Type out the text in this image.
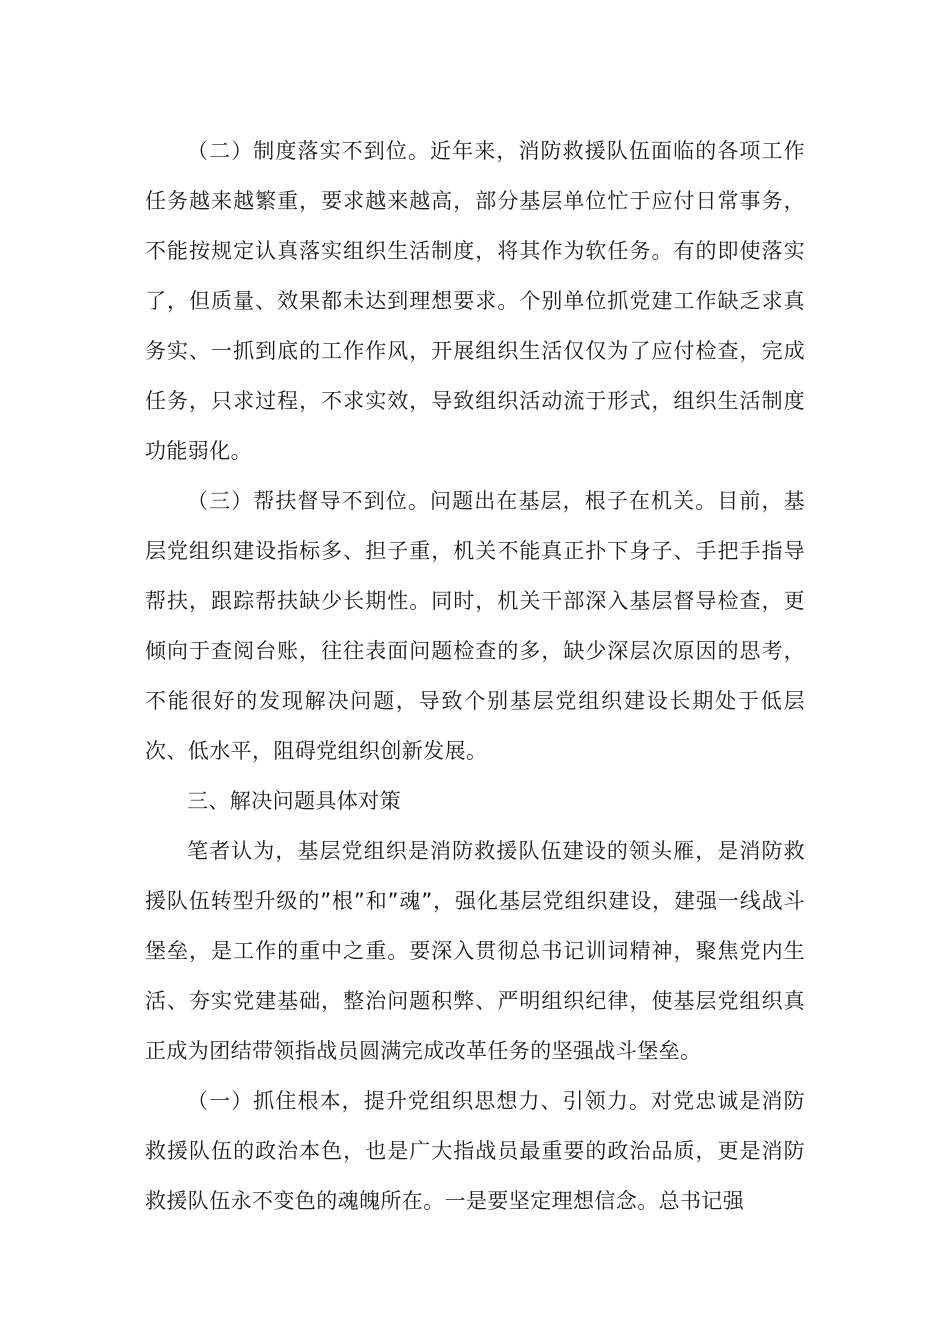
（二）制度落实不到位。近年来，消防救援队伍面临的各项工作任务越来越繁重，要求越来越高，部分基层单位忙于应付日常事务，不能按规定认真落实组织生活制度，将其作为软任务。有的即使落实了，但质量、效果都未达到理想要求。个别单位抓党建工作缺乏求真务实、一抓到底的工作作风，开展组织生活仅仅为了应付检查，完成任务，只求过程，不求实效，导致组织活动流于形式，组织生活制度功能弱化。

（三）帮扶督导不到位。问题出在基层，根子在机关。目前，基层党组织建设指标多、担子重，机关不能真正扑下身子、手把手指导帮扶，跟踪帮扶缺少长期性。同时，机关干部深入基层督导检查，更倾向于查阅台账，往往表面问题检查的多，缺少深层次原因的思考，不能很好的发现解决问题，导致个别基层党组织建设长期处于低层次、低水平，阻碍党组织创新发展。

三、解决问题具体对策

笔者认为，基层党组织是消防救援队伍建设的领头雁，是消防救援队伍转型升级的”根”和”魂”，强化基层党组织建设，建强一线战斗堡垒，是工作的重中之重。要深入贯彻总书记训词精神，聚焦党内生活、夯实党建基础，整治问题积弊、严明组织纪律，使基层党组织真正成为团结带领指战员圆满完成改革任务的坚强战斗堡垒。

（一）抓住根本，提升党组织思想力、引领力。对党忠诚是消防救援队伍的政治本色，也是广大指战员最重要的政治品质，更是消防救援队伍永不变色的魂魄所在。一是要坚定理想信念。总书记强
